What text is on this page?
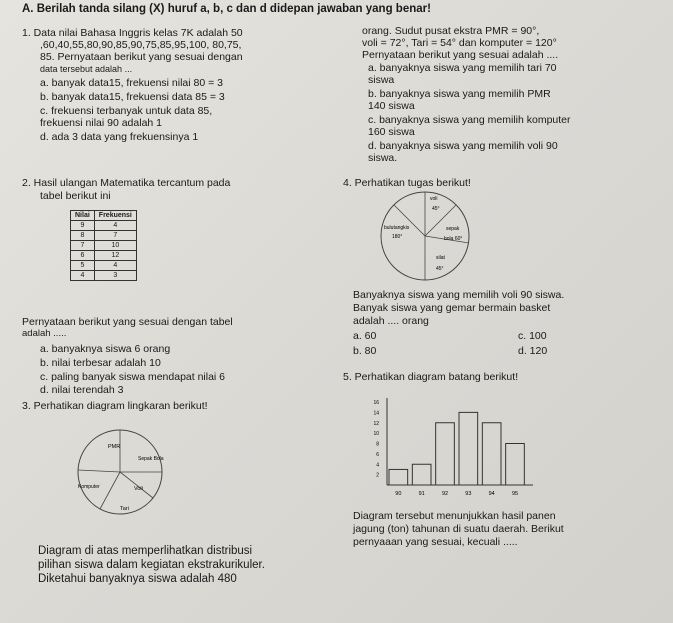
A. Berilah tanda silang (X) huruf a, b, c dan d didepan jawaban yang benar!
1. Data nilai Bahasa Inggris kelas 7K adalah 50
,60,40,55,80,90,85,90,75,85,95,100, 80,75,
85. Pernyataan berikut yang sesuai dengan
data tersebut adalah ...
a. banyak data15, frekuensi nilai 80 = 3
b. banyak data15, frekuensi data 85 = 3
c. frekuensi terbanyak untuk data 85,
frekuensi nilai 90 adalah 1
d. ada 3 data yang frekuensinya 1
orang. Sudut pusat ekstra PMR = 90°,
voli = 72°, Tari = 54° dan komputer = 120°
Pernyataan berikut yang sesuai adalah ....
a. banyaknya siswa yang memilih tari 70
siswa
b. banyaknya siswa yang memilih PMR
140 siswa
c. banyaknya siswa yang memilih komputer
160 siswa
d. banyaknya siswa yang memilih voli 90
siswa.
2. Hasil ulangan Matematika tercantum pada
tabel berikut ini
Nilai	Frekuensi
9	4
8	7
7	10
6	12
5	4
4	3
Pernyataan berikut yang sesuai dengan tabel
adalah .....
a. banyaknya siswa 6 orang
b. nilai terbesar adalah 10
c. paling banyak siswa mendapat nilai 6
d. nilai terendah 3
3. Perhatikan diagram lingkaran berikut!
PMR
Sepak Bola
Voli
Komputer
Tari
Diagram di atas memperlihatkan distribusi
pilihan siswa dalam kegiatan ekstrakurikuler.
Diketahui banyaknya siswa adalah 480
4. Perhatikan tugas berikut!
voli
45°
bulutangkis
180°
sepak
bola 60°
silat
45°
Banyaknya siswa yang memilih voli 90 siswa.
Banyak siswa yang gemar bermain basket
adalah .... orang
a. 60
b. 80
c. 100
d. 120
5. Perhatikan diagram batang berikut!
16
14
12
10
8
6
4
2
90	91	92	93	94	95
Diagram tersebut menunjukkan hasil panen
jagung (ton) tahunan di suatu daerah. Berikut
pernyaaan yang sesuai, kecuali .....
